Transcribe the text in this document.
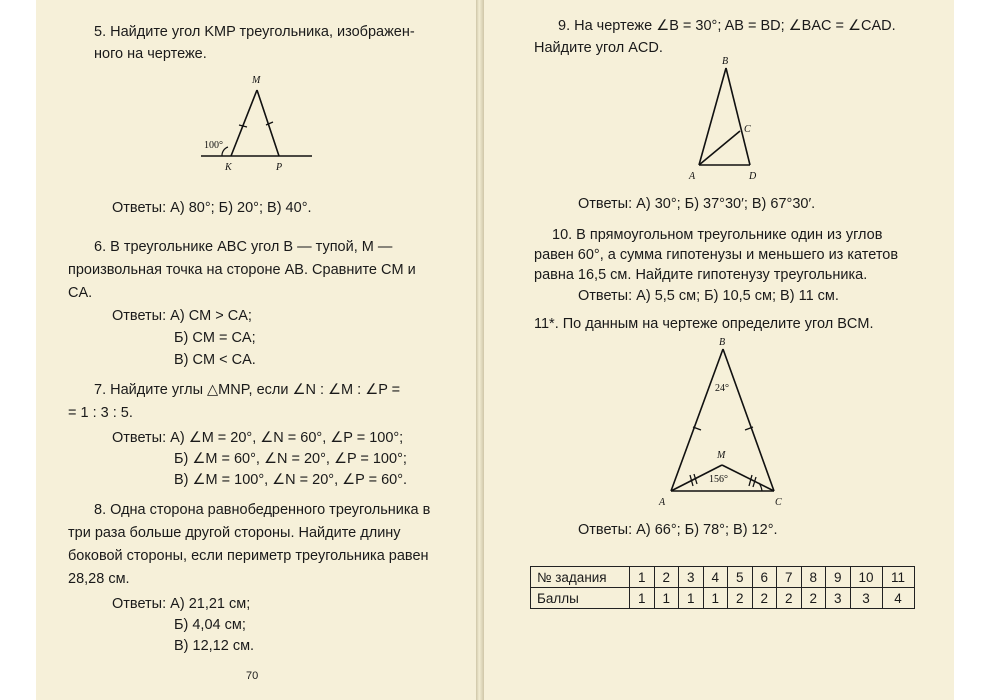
5. Найдите угол KMP треугольника, изображен-
ного на чертеже.
M
K	P
100°
Ответы: А) 80°; Б) 20°; В) 40°.
6. В треугольнике ABC угол B — тупой, M —
произвольная точка на стороне AB. Сравните CM и
CA.
Ответы: А) CM > CA;
Б) CM = CA;
В) CM < CA.
7. Найдите углы △MNP, если ∠N : ∠M : ∠P =
= 1 : 3 : 5.
Ответы: А) ∠M = 20°, ∠N = 60°, ∠P = 100°;
Б) ∠M = 60°, ∠N = 20°, ∠P = 100°;
В) ∠M = 100°, ∠N = 20°, ∠P = 60°.
8. Одна сторона равнобедренного треугольника в
три раза больше другой стороны. Найдите длину
боковой стороны, если периметр треугольника равен
28,28 см.
Ответы: А) 21,21 см;
Б) 4,04 см;
В) 12,12 см.
70
9. На чертеже ∠B = 30°; AB = BD; ∠BAC = ∠CAD.
Найдите угол ACD.
B
C
A	D
Ответы: А) 30°; Б) 37°30′; В) 67°30′.
10. В прямоугольном треугольнике один из углов
равен 60°, а сумма гипотенузы и меньшего из катетов
равна 16,5 см. Найдите гипотенузу треугольника.
Ответы: А) 5,5 см; Б) 10,5 см; В) 11 см.
11*. По данным на чертеже определите угол BCM.
B
M
A	C
24°
156°
Ответы: А) 66°; Б) 78°; В) 12°.
№ задания	1	2	3	4	5	6	7	8	9	10	11
Баллы	1	1	1	1	2	2	2	2	3	3	4
